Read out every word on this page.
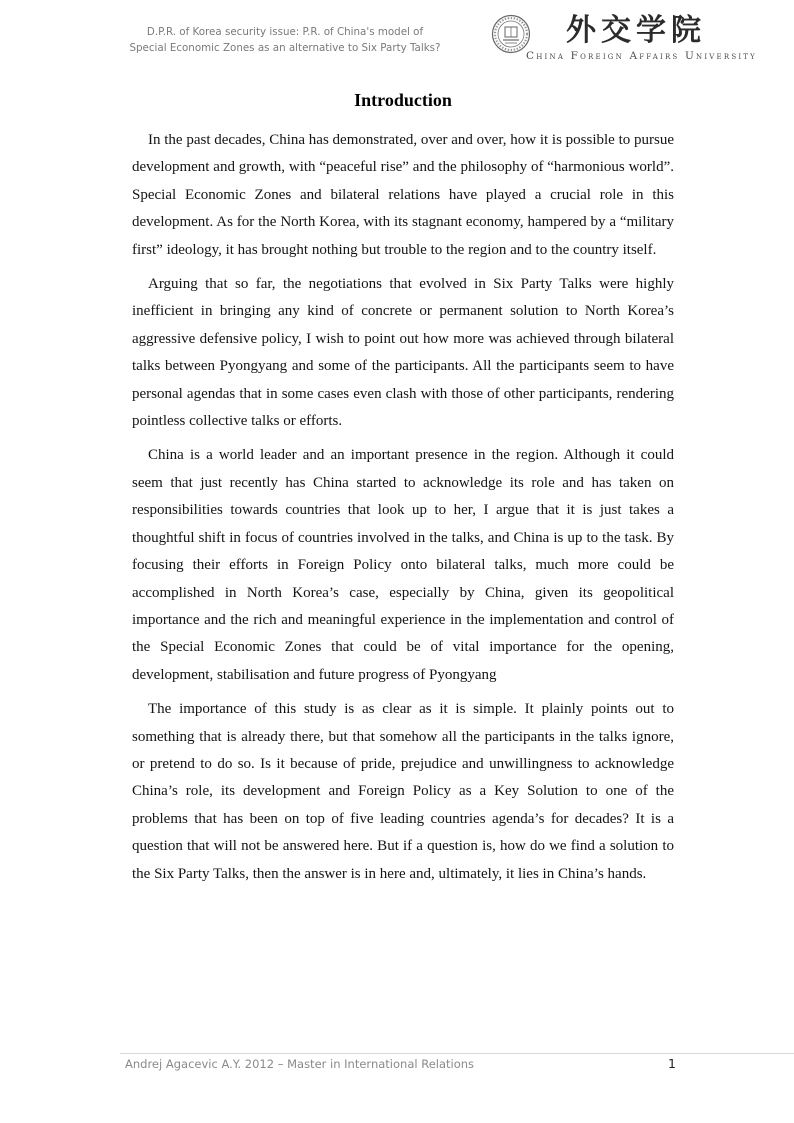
D.P.R. of Korea security issue: P.R. of China's model of
Special Economic Zones as an alternative to Six Party Talks?	外交学院
China Foreign Affairs University
Introduction

In the past decades, China has demonstrated, over and over, how it is possible to pursue development and growth, with “peaceful rise” and the philosophy of “harmonious world”. Special Economic Zones and bilateral relations have played a crucial role in this development. As for the North Korea, with its stagnant economy, hampered by a “military first” ideology, it has brought nothing but trouble to the region and to the country itself.

Arguing that so far, the negotiations that evolved in Six Party Talks were highly inefficient in bringing any kind of concrete or permanent solution to North Korea’s aggressive defensive policy, I wish to point out how more was achieved through bilateral talks between Pyongyang and some of the participants. All the participants seem to have personal agendas that in some cases even clash with those of other participants, rendering pointless collective talks or efforts.

China is a world leader and an important presence in the region. Although it could seem that just recently has China started to acknowledge its role and has taken on responsibilities towards countries that look up to her, I argue that it is just takes a thoughtful shift in focus of countries involved in the talks, and China is up to the task. By focusing their efforts in Foreign Policy onto bilateral talks, much more could be accomplished in North Korea’s case, especially by China, given its geopolitical importance and the rich and meaningful experience in the implementation and control of the Special Economic Zones that could be of vital importance for the opening, development, stabilisation and future progress of Pyongyang

The importance of this study is as clear as it is simple. It plainly points out to something that is already there, but that somehow all the participants in the talks ignore, or pretend to do so. Is it because of pride, prejudice and unwillingness to acknowledge China’s role, its development and Foreign Policy as a Key Solution to one of the problems that has been on top of five leading countries agenda’s for decades? It is a question that will not be answered here. But if a question is, how do we find a solution to the Six Party Talks, then the answer is in here and, ultimately, it lies in China’s hands.

Andrej Agacevic A.Y. 2012 – Master in International Relations	1
